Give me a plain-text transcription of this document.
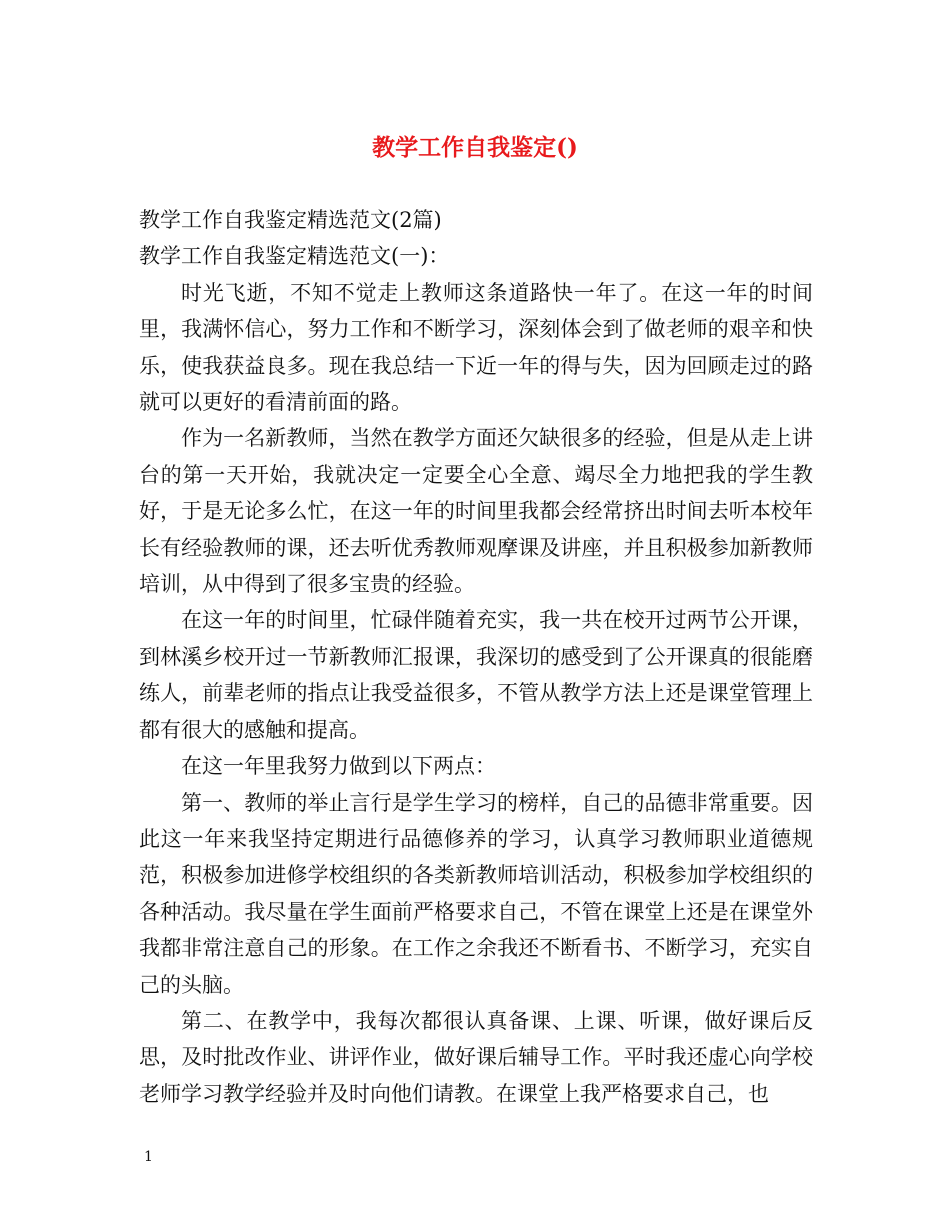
教学工作自我鉴定()

教学工作自我鉴定精选范文(2篇)

教学工作自我鉴定精选范文(一)：

时光飞逝，不知不觉走上教师这条道路快一年了。在这一年的时间里，我满怀信心，努力工作和不断学习，深刻体会到了做老师的艰辛和快乐，使我获益良多。现在我总结一下近一年的得与失，因为回顾走过的路就可以更好的看清前面的路。

作为一名新教师，当然在教学方面还欠缺很多的经验，但是从走上讲台的第一天开始，我就决定一定要全心全意、竭尽全力地把我的学生教好，于是无论多么忙，在这一年的时间里我都会经常挤出时间去听本校年长有经验教师的课，还去听优秀教师观摩课及讲座，并且积极参加新教师培训，从中得到了很多宝贵的经验。

在这一年的时间里，忙碌伴随着充实，我一共在校开过两节公开课，到林溪乡校开过一节新教师汇报课，我深切的感受到了公开课真的很能磨练人，前辈老师的指点让我受益很多，不管从教学方法上还是课堂管理上都有很大的感触和提高。

在这一年里我努力做到以下两点：

第一、教师的举止言行是学生学习的榜样，自己的品德非常重要。因此这一年来我坚持定期进行品德修养的学习，认真学习教师职业道德规范，积极参加进修学校组织的各类新教师培训活动，积极参加学校组织的各种活动。我尽量在学生面前严格要求自己，不管在课堂上还是在课堂外我都非常注意自己的形象。在工作之余我还不断看书、不断学习，充实自己的头脑。

第二、在教学中，我每次都很认真备课、上课、听课，做好课后反思，及时批改作业、讲评作业，做好课后辅导工作。平时我还虚心向学校老师学习教学经验并及时向他们请教。在课堂上我严格要求自己，也

1
